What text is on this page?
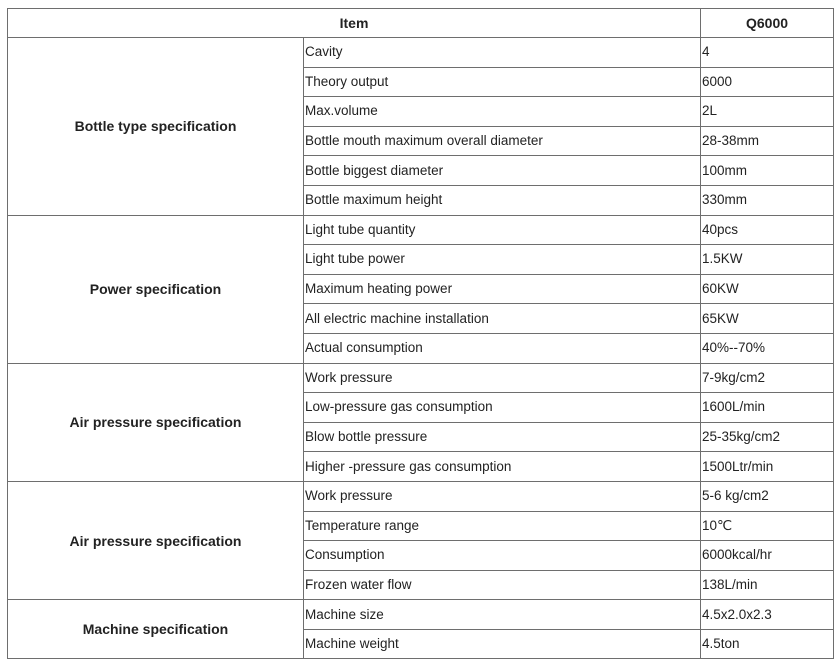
Item		Q6000
Bottle type specification	Cavity	4
	Theory output	6000
	Max.volume	2L
	Bottle mouth maximum overall diameter	28-38mm
	Bottle biggest diameter	100mm
	Bottle maximum height	330mm
Power specification	Light tube quantity	40pcs
	Light tube power	1.5KW
	Maximum heating power	60KW
	All electric machine installation	65KW
	Actual consumption	40%--70%
Air pressure specification	Work pressure	7-9kg/cm2
	Low-pressure gas consumption	1600L/min
	Blow bottle pressure	25-35kg/cm2
	Higher -pressure gas consumption	1500Ltr/min
Air pressure specification	Work pressure	5-6 kg/cm2
	Temperature range	10℃
	Consumption	6000kcal/hr
	Frozen water flow	138L/min
Machine specification	Machine size	4.5x2.0x2.3
	Machine weight	4.5ton
